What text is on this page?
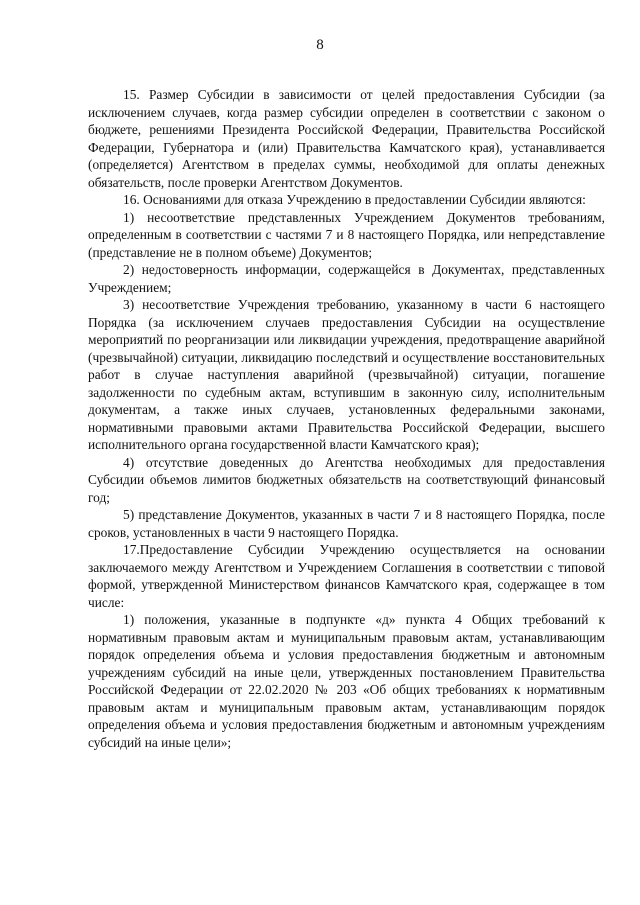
8

15. Размер Субсидии в зависимости от целей предоставления Субсидии (за исключением случаев, когда размер субсидии определен в соответствии с законом о бюджете, решениями Президента Российской Федерации, Правительства Российской Федерации, Губернатора и (или) Правительства Камчатского края), устанавливается (определяется) Агентством в пределах суммы, необходимой для оплаты денежных обязательств, после проверки Агентством Документов.

16. Основаниями для отказа Учреждению в предоставлении Субсидии являются:

1) несоответствие представленных Учреждением Документов требованиям, определенным в соответствии с частями 7 и 8 настоящего Порядка, или непредставление (представление не в полном объеме) Документов;

2) недостоверность информации, содержащейся в Документах, представленных Учреждением;

3) несоответствие Учреждения требованию, указанному в части 6 настоящего Порядка (за исключением случаев предоставления Субсидии на осуществление мероприятий по реорганизации или ликвидации учреждения, предотвращение аварийной (чрезвычайной) ситуации, ликвидацию последствий и осуществление восстановительных работ в случае наступления аварийной (чрезвычайной) ситуации, погашение задолженности по судебным актам, вступившим в законную силу, исполнительным документам, а также иных случаев, установленных федеральными законами, нормативными правовыми актами Правительства Российской Федерации, высшего исполнительного органа государственной власти Камчатского края);

4) отсутствие доведенных до Агентства необходимых для предоставления Субсидии объемов лимитов бюджетных обязательств на соответствующий финансовый год;

5) представление Документов, указанных в части 7 и 8 настоящего Порядка, после сроков, установленных в части 9 настоящего Порядка.

17.Предоставление Субсидии Учреждению осуществляется на основании заключаемого между Агентством и Учреждением Соглашения в соответствии с типовой формой, утвержденной Министерством финансов Камчатского края, содержащее в том числе:

1) положения, указанные в подпункте «д» пункта 4 Общих требований к нормативным правовым актам и муниципальным правовым актам, устанавливающим порядок определения объема и условия предоставления бюджетным и автономным учреждениям субсидий на иные цели, утвержденных постановлением Правительства Российской Федерации от 22.02.2020 № 203 «Об общих требованиях к нормативным правовым актам и муниципальным правовым актам, устанавливающим порядок определения объема и условия предоставления бюджетным и автономным учреждениям субсидий на иные цели»;
